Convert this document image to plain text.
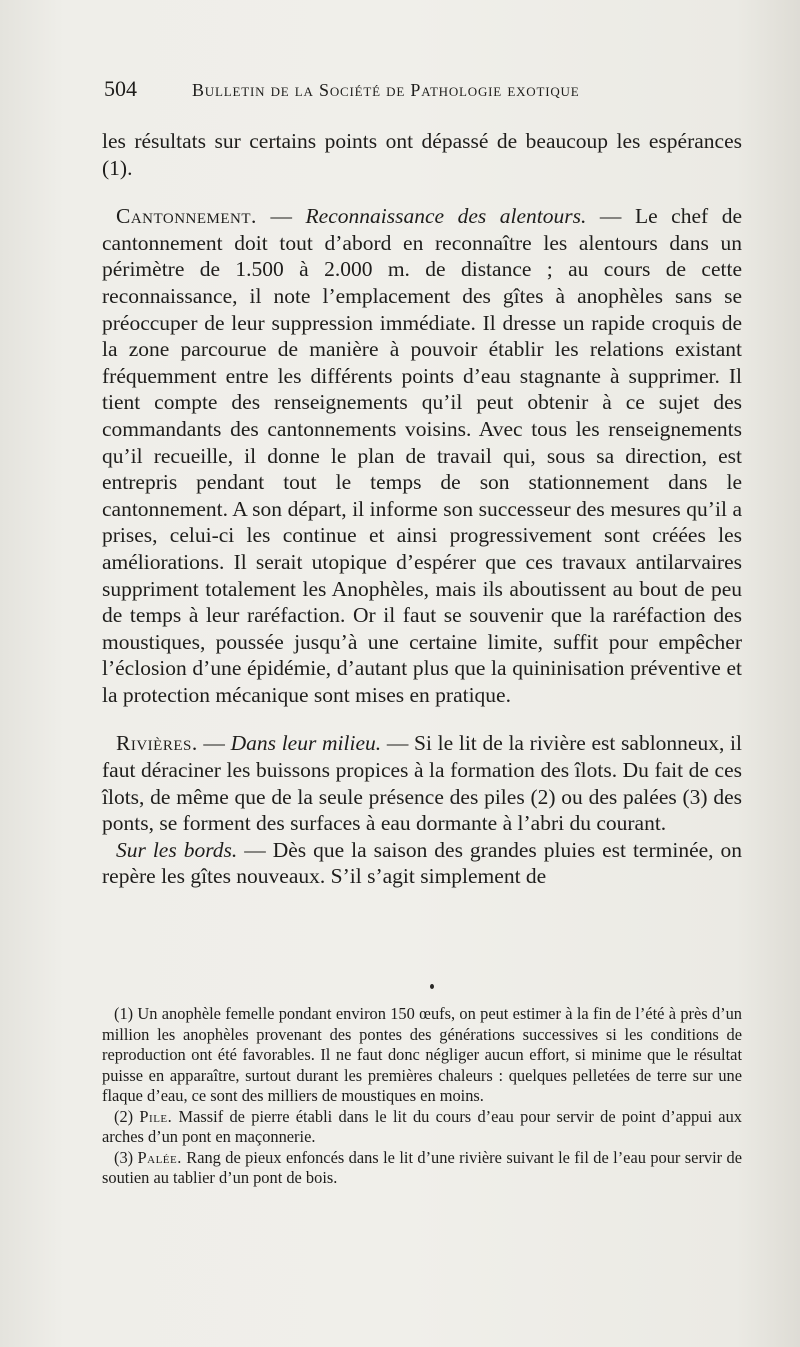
504	Bulletin de la Société de Pathologie exotique

les résultats sur certains points ont dépassé de beaucoup les espérances (1).

Cantonnement. — Reconnaissance des alentours. — Le chef de cantonnement doit tout d’abord en reconnaître les alentours dans un périmètre de 1.500 à 2.000 m. de distance ; au cours de cette reconnaissance, il note l’emplacement des gîtes à anophèles sans se préoccuper de leur suppression immédiate. Il dresse un rapide croquis de la zone parcourue de manière à pouvoir établir les relations existant fréquemment entre les différents points d’eau stagnante à supprimer. Il tient compte des renseignements qu’il peut obtenir à ce sujet des commandants des cantonnements voisins. Avec tous les renseignements qu’il recueille, il donne le plan de travail qui, sous sa direction, est entrepris pendant tout le temps de son stationnement dans le cantonnement. A son départ, il informe son successeur des mesures qu’il a prises, celui-ci les continue et ainsi progressivement sont créées les améliorations. Il serait utopique d’espérer que ces travaux antilarvaires suppriment totalement les Anophèles, mais ils aboutissent au bout de peu de temps à leur raréfaction. Or il faut se souvenir que la raréfaction des moustiques, poussée jusqu’à une certaine limite, suffit pour empêcher l’éclosion d’une épidémie, d’autant plus que la quininisation préventive et la protection mécanique sont mises en pratique.

Rivières. — Dans leur milieu. — Si le lit de la rivière est sablonneux, il faut déraciner les buissons propices à la formation des îlots. Du fait de ces îlots, de même que de la seule présence des piles (2) ou des palées (3) des ponts, se forment des surfaces à eau dormante à l’abri du courant.

Sur les bords. — Dès que la saison des grandes pluies est terminée, on repère les gîtes nouveaux. S’il s’agit simplement de

(1) Un anophèle femelle pondant environ 150 œufs, on peut estimer à la fin de l’été à près d’un million les anophèles provenant des pontes des générations successives si les conditions de reproduction ont été favorables. Il ne faut donc négliger aucun effort, si minime que le résultat puisse en apparaître, surtout durant les premières chaleurs : quelques pelletées de terre sur une flaque d’eau, ce sont des milliers de moustiques en moins.

(2) Pile. Massif de pierre établi dans le lit du cours d’eau pour servir de point d’appui aux arches d’un pont en maçonnerie.

(3) Palée. Rang de pieux enfoncés dans le lit d’une rivière suivant le fil de l’eau pour servir de soutien au tablier d’un pont de bois.
